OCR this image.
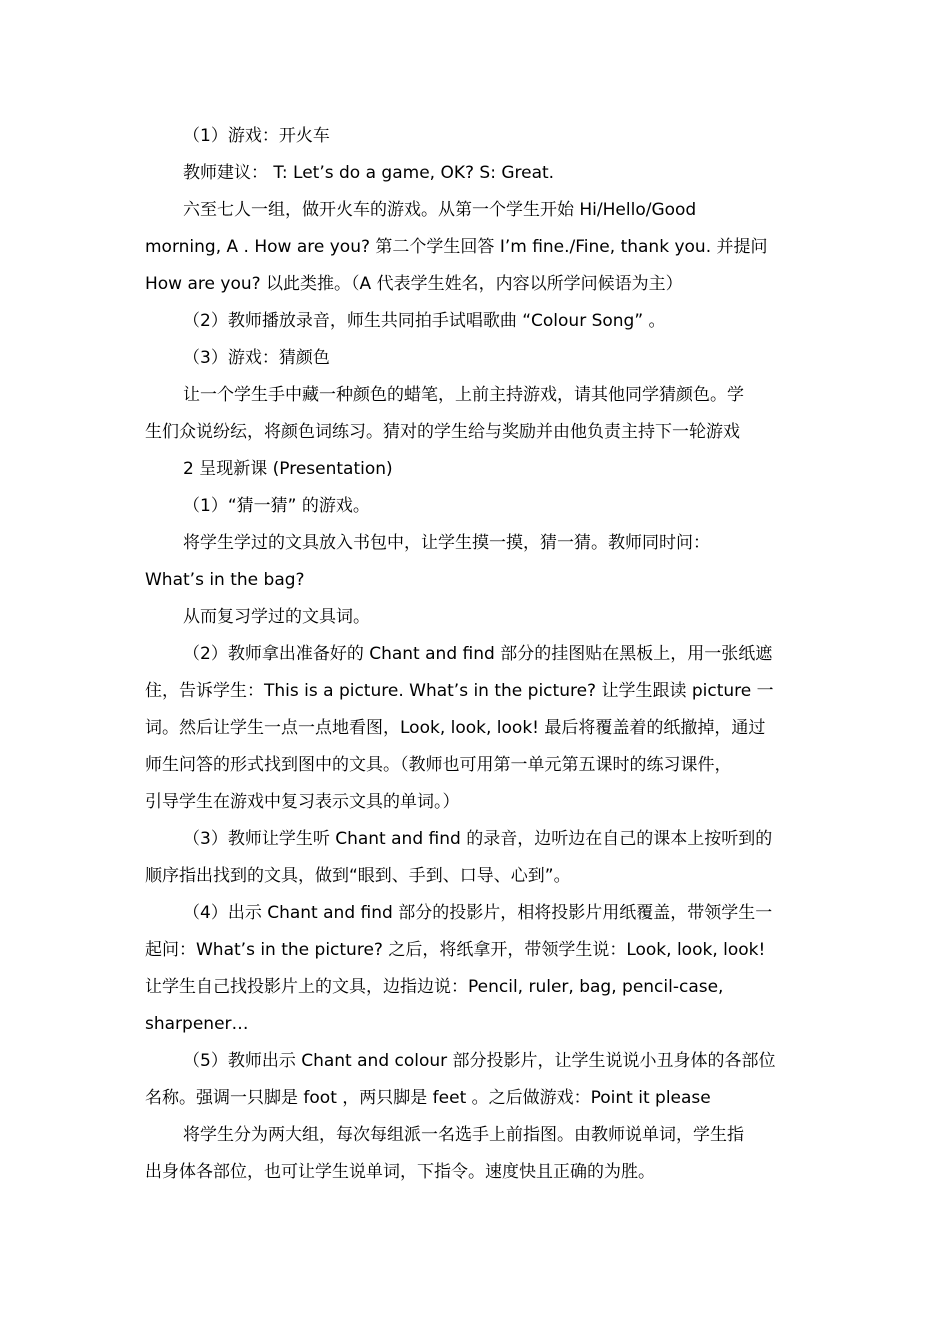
（1）游戏：开火车
教师建议： T: Let’s do a game, OK? S: Great.
六至七人一组，做开火车的游戏。从第一个学生开始 Hi/Hello/Good
morning, A . How are you? 第二个学生回答 I’m fine./Fine, thank you. 并提问
How are you? 以此类推。（A 代表学生姓名，内容以所学问候语为主）
（2）教师播放录音，师生共同拍手试唱歌曲 “Colour Song” 。
（3）游戏：猜颜色
让一个学生手中藏一种颜色的蜡笔，上前主持游戏，请其他同学猜颜色。学
生们众说纷纭，将颜色词练习。猜对的学生给与奖励并由他负责主持下一轮游戏
2 呈现新课 (Presentation)
（1）“猜一猜” 的游戏。
将学生学过的文具放入书包中，让学生摸一摸，猜一猜。教师同时问：
What’s in the bag?
从而复习学过的文具词。
（2）教师拿出准备好的 Chant and find 部分的挂图贴在黑板上，用一张纸遮
住，告诉学生：This is a picture. What’s in the picture? 让学生跟读 picture 一
词。然后让学生一点一点地看图，Look, look, look! 最后将覆盖着的纸撤掉，通过
师生问答的形式找到图中的文具。（教师也可用第一单元第五课时的练习课件，
引导学生在游戏中复习表示文具的单词。）
（3）教师让学生听 Chant and find 的录音，边听边在自己的课本上按听到的
顺序指出找到的文具，做到“眼到、手到、口导、心到”。
（4）出示 Chant and find 部分的投影片，相将投影片用纸覆盖，带领学生一
起问：What’s in the picture? 之后，将纸拿开，带领学生说：Look, look, look!
让学生自己找投影片上的文具，边指边说：Pencil, ruler, bag, pencil-case,
sharpener…
（5）教师出示 Chant and colour 部分投影片，让学生说说小丑身体的各部位
名称。强调一只脚是 foot ，两只脚是 feet 。之后做游戏：Point it please
将学生分为两大组，每次每组派一名选手上前指图。由教师说单词，学生指
出身体各部位，也可让学生说单词，下指令。速度快且正确的为胜。
